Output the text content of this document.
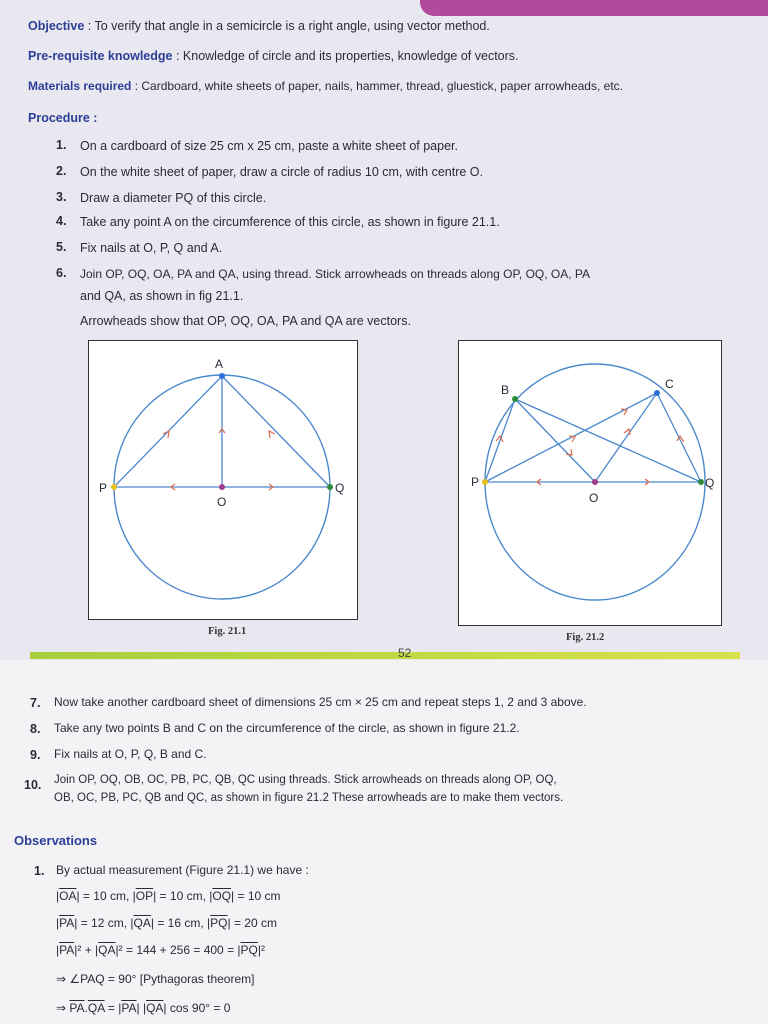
Objective : To verify that angle in a semicircle is a right angle, using vector method.
Pre-requisite knowledge : Knowledge of circle and its properties, knowledge of vectors.
Materials required : Cardboard, white sheets of paper, nails, hammer, thread, gluestick, paper arrowheads, etc.
Procedure :
1. On a cardboard of size 25 cm x 25 cm, paste a white sheet of paper.
2. On the white sheet of paper, draw a circle of radius 10 cm, with centre O.
3. Draw a diameter PQ of this circle.
4. Take any point A on the circumference of this circle, as shown in figure 21.1.
5. Fix nails at O, P, Q and A.
6. Join OP, OQ, OA, PA and QA, using thread. Stick arrowheads on threads along OP, OQ, OA, PA
and QA, as shown in fig 21.1.
Arrowheads show that OP, OQ, OA, PA and QA are vectors.
A
P	Q
O
Fig. 21.1
B	C
P	Q
O
Fig. 21.2
52
7. Now take another cardboard sheet of dimensions 25 cm × 25 cm and repeat steps 1, 2 and 3 above.
8. Take any two points B and C on the circumference of the circle, as shown in figure 21.2.
9. Fix nails at O, P, Q, B and C.
10. Join OP, OQ, OB, OC, PB, PC, QB, QC using threads. Stick arrowheads on threads along OP, OQ,
OB, OC, PB, PC, QB and QC, as shown in figure 21.2 These arrowheads are to make them vectors.
Observations
1. By actual measurement (Figure 21.1) we have :
$|\overline{OA}| = 10$ cm, $|\overline{OP}| = 10$ cm, $|\overline{OQ}| = 10$ cm
$|\overline{PA}| = 12$ cm, $|\overline{QA}| = 16$ cm, $|\overline{PQ}| = 20$ cm
$|\overline{PA}|^2 + |\overline{QA}|^2 = 144 + 256 = 400 = |\overline{PQ}|^2$
⇒ ∠PAQ = 90° [Pythagoras theorem]
⇒ $\overline{PA}.\overline{QA} = |\overline{PA}|$ $|\overline{QA}|$ cos 90° = 0
